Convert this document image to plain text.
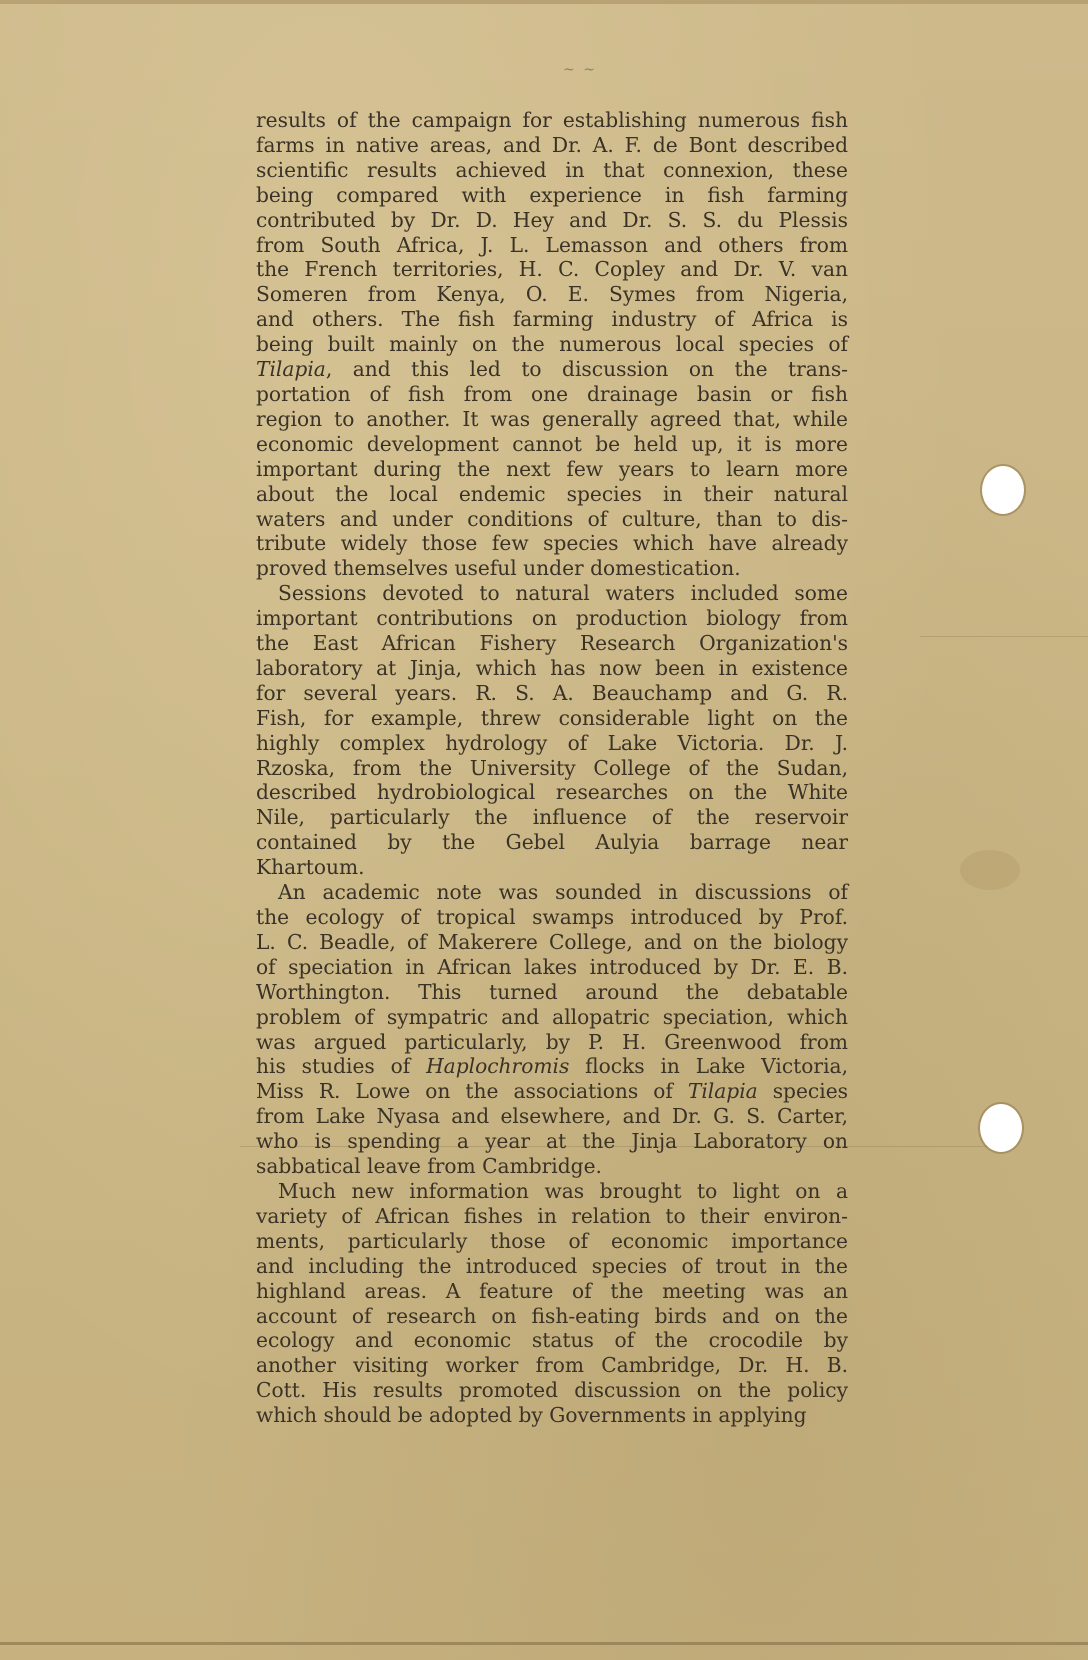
~ ~
results of the campaign for establishing numerous fish
farms in native areas, and Dr. A. F. de Bont described
scientific results achieved in that connexion, these
being compared with experience in fish farming
contributed by Dr. D. Hey and Dr. S. S. du Plessis
from South Africa, J. L. Lemasson and others from
the French territories, H. C. Copley and Dr. V. van
Someren from Kenya, O. E. Symes from Nigeria,
and others. The fish farming industry of Africa is
being built mainly on the numerous local species of
Tilapia, and this led to discussion on the trans-
portation of fish from one drainage basin or fish
region to another. It was generally agreed that, while
economic development cannot be held up, it is more
important during the next few years to learn more
about the local endemic species in their natural
waters and under conditions of culture, than to dis-
tribute widely those few species which have already
proved themselves useful under domestication.
Sessions devoted to natural waters included some
important contributions on production biology from
the East African Fishery Research Organization's
laboratory at Jinja, which has now been in existence
for several years. R. S. A. Beauchamp and G. R.
Fish, for example, threw considerable light on the
highly complex hydrology of Lake Victoria. Dr. J.
Rzoska, from the University College of the Sudan,
described hydrobiological researches on the White
Nile, particularly the influence of the reservoir
contained by the Gebel Aulyia barrage near
Khartoum.
An academic note was sounded in discussions of
the ecology of tropical swamps introduced by Prof.
L. C. Beadle, of Makerere College, and on the biology
of speciation in African lakes introduced by Dr. E. B.
Worthington. This turned around the debatable
problem of sympatric and allopatric speciation, which
was argued particularly, by P. H. Greenwood from
his studies of Haplochromis flocks in Lake Victoria,
Miss R. Lowe on the associations of Tilapia species
from Lake Nyasa and elsewhere, and Dr. G. S. Carter,
who is spending a year at the Jinja Laboratory on
sabbatical leave from Cambridge.
Much new information was brought to light on a
variety of African fishes in relation to their environ-
ments, particularly those of economic importance
and including the introduced species of trout in the
highland areas. A feature of the meeting was an
account of research on fish-eating birds and on the
ecology and economic status of the crocodile by
another visiting worker from Cambridge, Dr. H. B.
Cott. His results promoted discussion on the policy
which should be adopted by Governments in applying
